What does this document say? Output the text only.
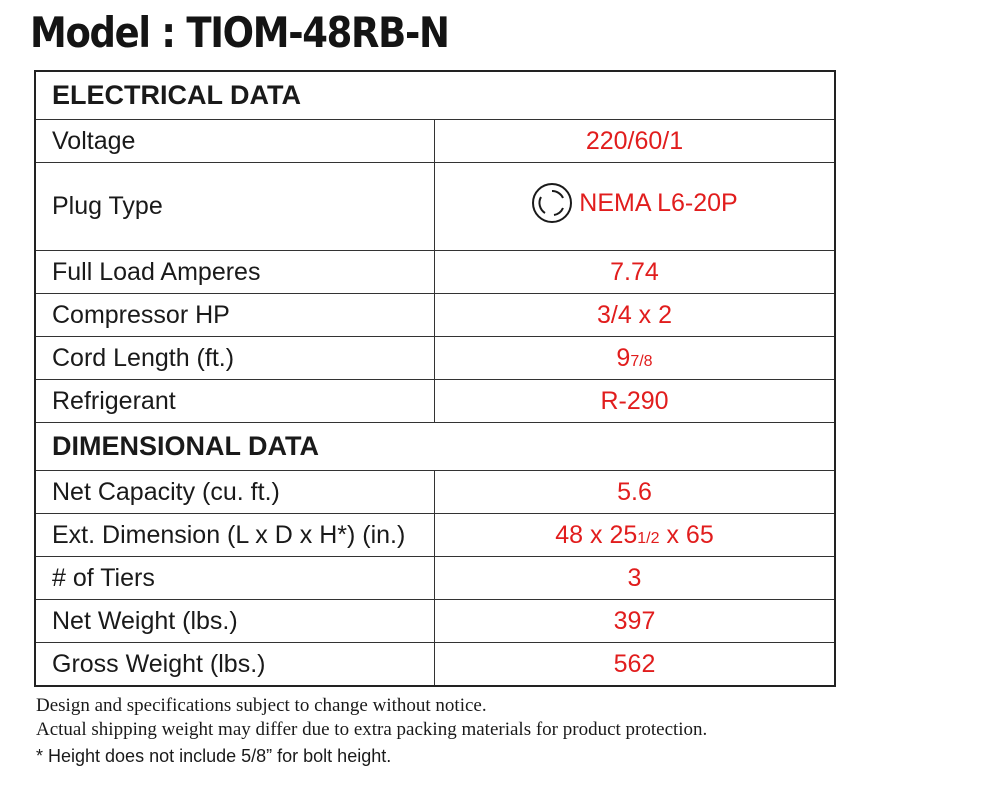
Model : TIOM-48RB-N
ELECTRICAL DATA	
Voltage	220/60/1
Plug Type	NEMA L6-20P

Full Load Amperes	7.74
Compressor HP	3/4 x 2
Cord Length (ft.)	97/8
Refrigerant	R-290
DIMENSIONAL DATA	
Net Capacity (cu. ft.)	5.6
Ext. Dimension (L x D x H*) (in.)	48 x 251/2 x 65
# of Tiers	3
Net Weight (lbs.)	397
Gross Weight (lbs.)	562
Design and specifications subject to change without notice.
Actual shipping weight may differ due to extra packing materials for product protection.
* Height does not include 5/8” for bolt height.
